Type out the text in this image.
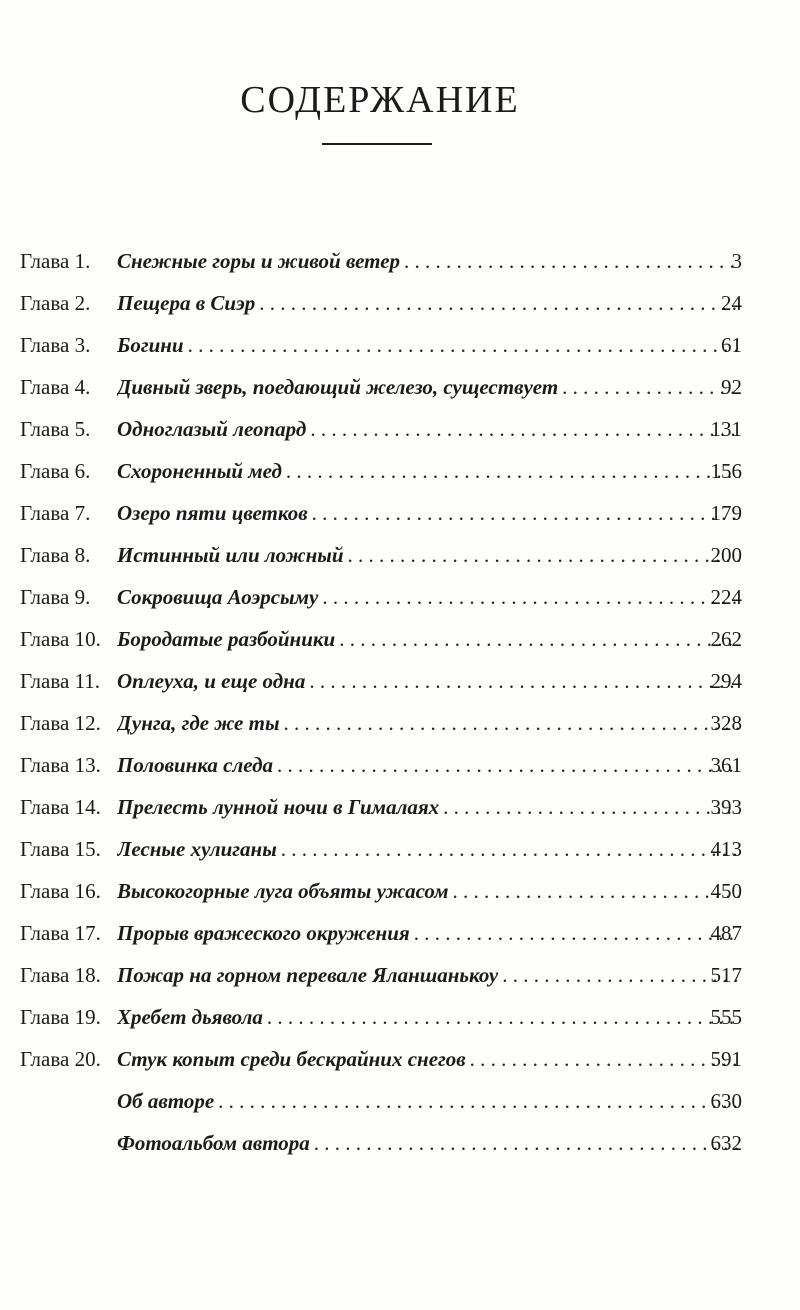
СОДЕРЖАНИЕ
Глава 1.	Снежные горы и живой ветер . . .	3
Глава 2.	Пещера в Сиэр . . .	24
Глава 3.	Богини . . .	61
Глава 4.	Дивный зверь, поедающий железо, существует . . .	92
Глава 5.	Одноглазый леопард . . .	131
Глава 6.	Схороненный мед . . .	156
Глава 7.	Озеро пяти цветков . . .	179
Глава 8.	Истинный или ложный . . .	200
Глава 9.	Сокровища Аоэрсыму . . .	224
Глава 10. Бородатые разбойники . . .	262
Глава 11. Оплеуха, и еще одна . . .	294
Глава 12. Дунга, где же ты . . .	328
Глава 13. Половинка следа . . .	361
Глава 14. Прелесть лунной ночи в Гималаях . . .	393
Глава 15. Лесные хулиганы . . .	413
Глава 16. Высокогорные луга объяты ужасом . . .	450
Глава 17. Прорыв вражеского окружения . . .	487
Глава 18. Пожар на горном перевале Яланшанькоу . . .	517
Глава 19. Хребет дьявола . . .	555
Глава 20. Стук копыт среди бескрайних снегов . . .	591
Об авторе . . .	630
Фотоальбом автора . . .	632
